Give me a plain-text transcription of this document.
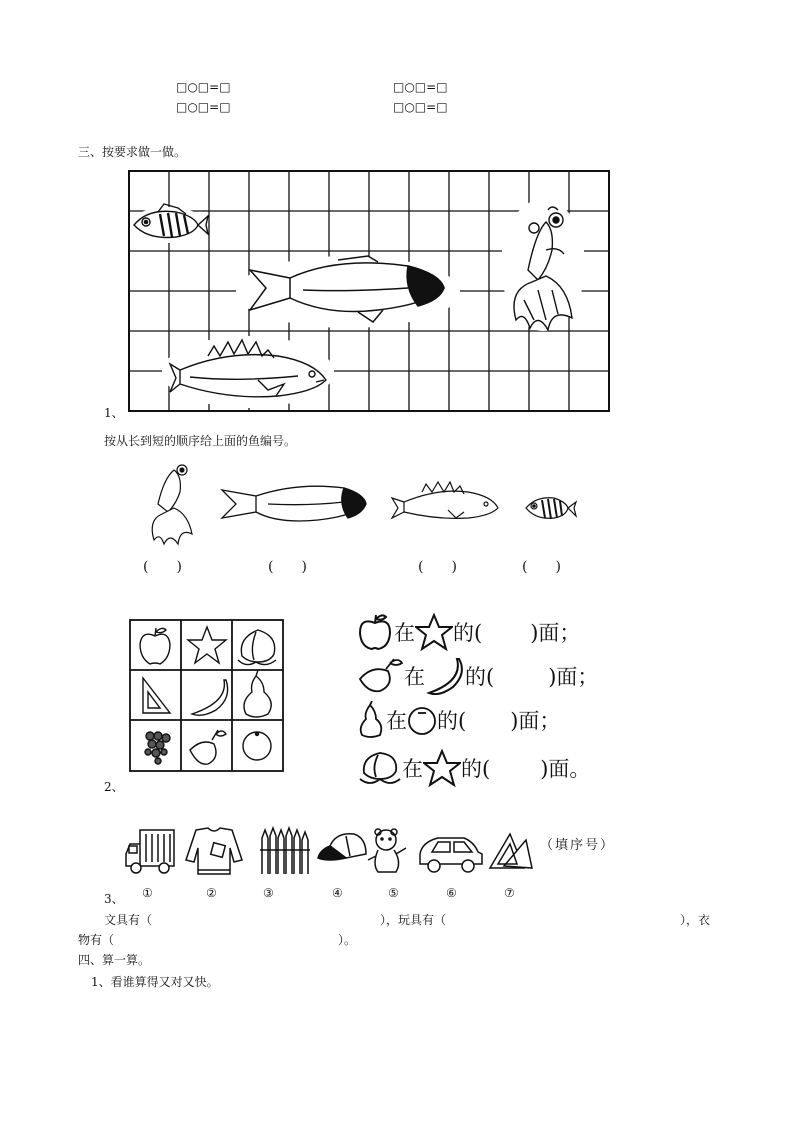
□○□=□	□○□=□
□○□=□	□○□=□
三、按要求做一做。
1、
按从长到短的顺序给上面的鱼编号。
(　　)	(　　)	(　　)	(　　)
2、
在 的( )面；
在 的(	)面；
在 的( )面；
在 的( )面。
（填序号）
3、 ①	②	③	④	⑤	⑥	⑦
文具有（	），玩具有（	），衣
物有（	）。
四、算一算。
1、看谁算得又对又快。
